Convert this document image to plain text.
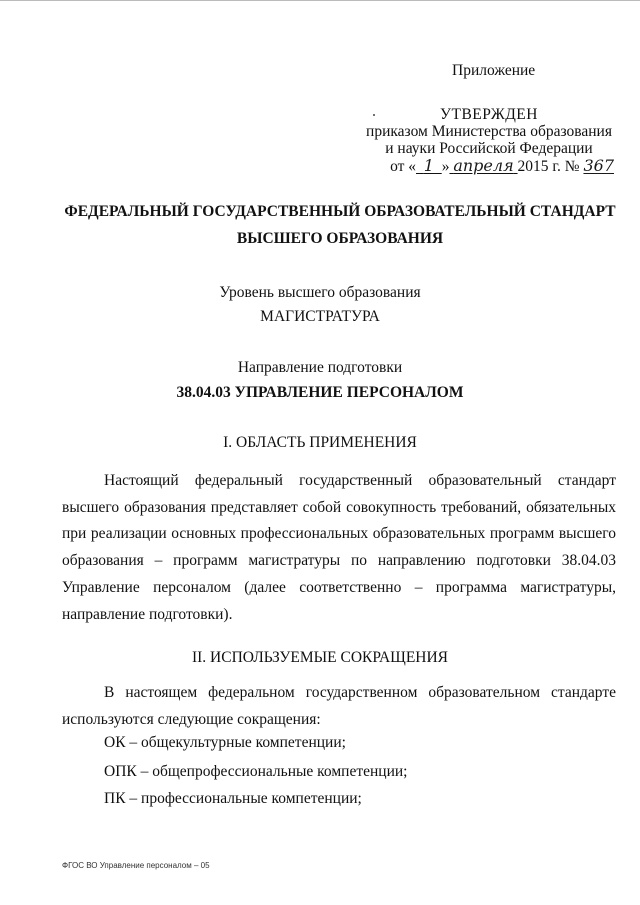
Приложение
УТВЕРЖДЕН
приказом Министерства образования
и науки Российской Федерации
от « 1 » апреля 2015 г. № 367
ФЕДЕРАЛЬНЫЙ ГОСУДАРСТВЕННЫЙ ОБРАЗОВАТЕЛЬНЫЙ СТАНДАРТ
ВЫСШЕГО ОБРАЗОВАНИЯ
Уровень высшего образования
МАГИСТРАТУРА
Направление подготовки
38.04.03 УПРАВЛЕНИЕ ПЕРСОНАЛОМ
I. ОБЛАСТЬ ПРИМЕНЕНИЯ
Настоящий федеральный государственный образовательный стандарт высшего образования представляет собой совокупность требований, обязательных при реализации основных профессиональных образовательных программ высшего образования – программ магистратуры по направлению подготовки 38.04.03 Управление персоналом (далее соответственно – программа магистратуры, направление подготовки).
II. ИСПОЛЬЗУЕМЫЕ СОКРАЩЕНИЯ
В настоящем федеральном государственном образовательном стандарте используются следующие сокращения:
ОК – общекультурные компетенции;
ОПК – общепрофессиональные компетенции;
ПК – профессиональные компетенции;
ФГОС ВО Управление персоналом – 05
